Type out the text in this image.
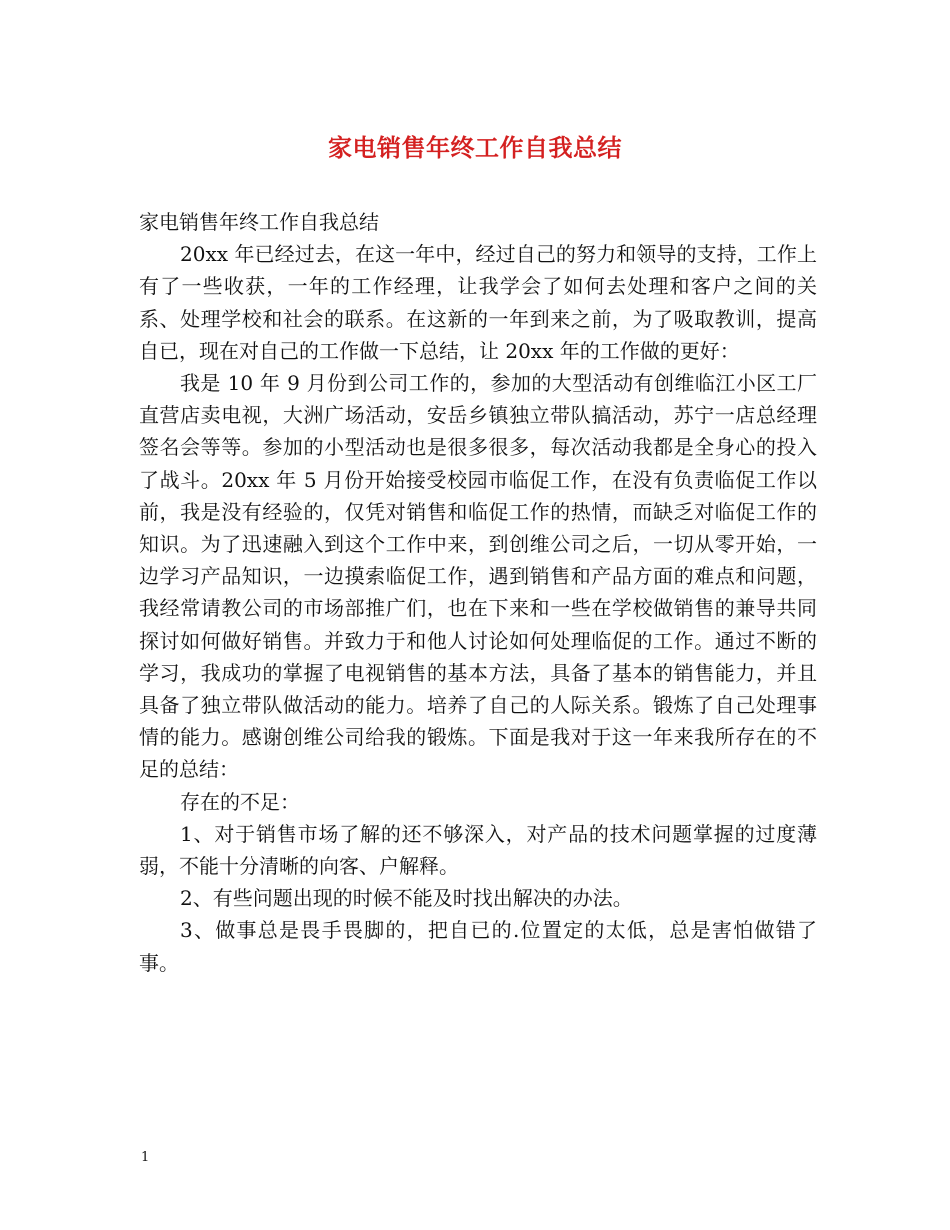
家电销售年终工作自我总结

家电销售年终工作自我总结

20xx 年已经过去，在这一年中，经过自己的努力和领导的支持，工作上有了一些收获，一年的工作经理，让我学会了如何去处理和客户之间的关系、处理学校和社会的联系。在这新的一年到来之前，为了吸取教训，提高自已，现在对自己的工作做一下总结，让 20xx 年的工作做的更好：

我是 10 年 9 月份到公司工作的，参加的大型活动有创维临江小区工厂直营店卖电视，大洲广场活动，安岳乡镇独立带队搞活动，苏宁一店总经理签名会等等。参加的小型活动也是很多很多，每次活动我都是全身心的投入了战斗。20xx 年 5 月份开始接受校园市临促工作，在没有负责临促工作以前，我是没有经验的，仅凭对销售和临促工作的热情，而缺乏对临促工作的知识。为了迅速融入到这个工作中来，到创维公司之后，一切从零开始，一边学习产品知识，一边摸索临促工作，遇到销售和产品方面的难点和问题，我经常请教公司的市场部推广们，也在下来和一些在学校做销售的兼导共同探讨如何做好销售。并致力于和他人讨论如何处理临促的工作。通过不断的学习，我成功的掌握了电视销售的基本方法，具备了基本的销售能力，并且具备了独立带队做活动的能力。培养了自己的人际关系。锻炼了自己处理事情的能力。感谢创维公司给我的锻炼。下面是我对于这一年来我所存在的不足的总结：

存在的不足：

1、对于销售市场了解的还不够深入，对产品的技术问题掌握的过度薄弱，不能十分清晰的向客、户解释。

2、有些问题出现的时候不能及时找出解决的办法。

3、做事总是畏手畏脚的，把自已的.位置定的太低，总是害怕做错了事。

1
